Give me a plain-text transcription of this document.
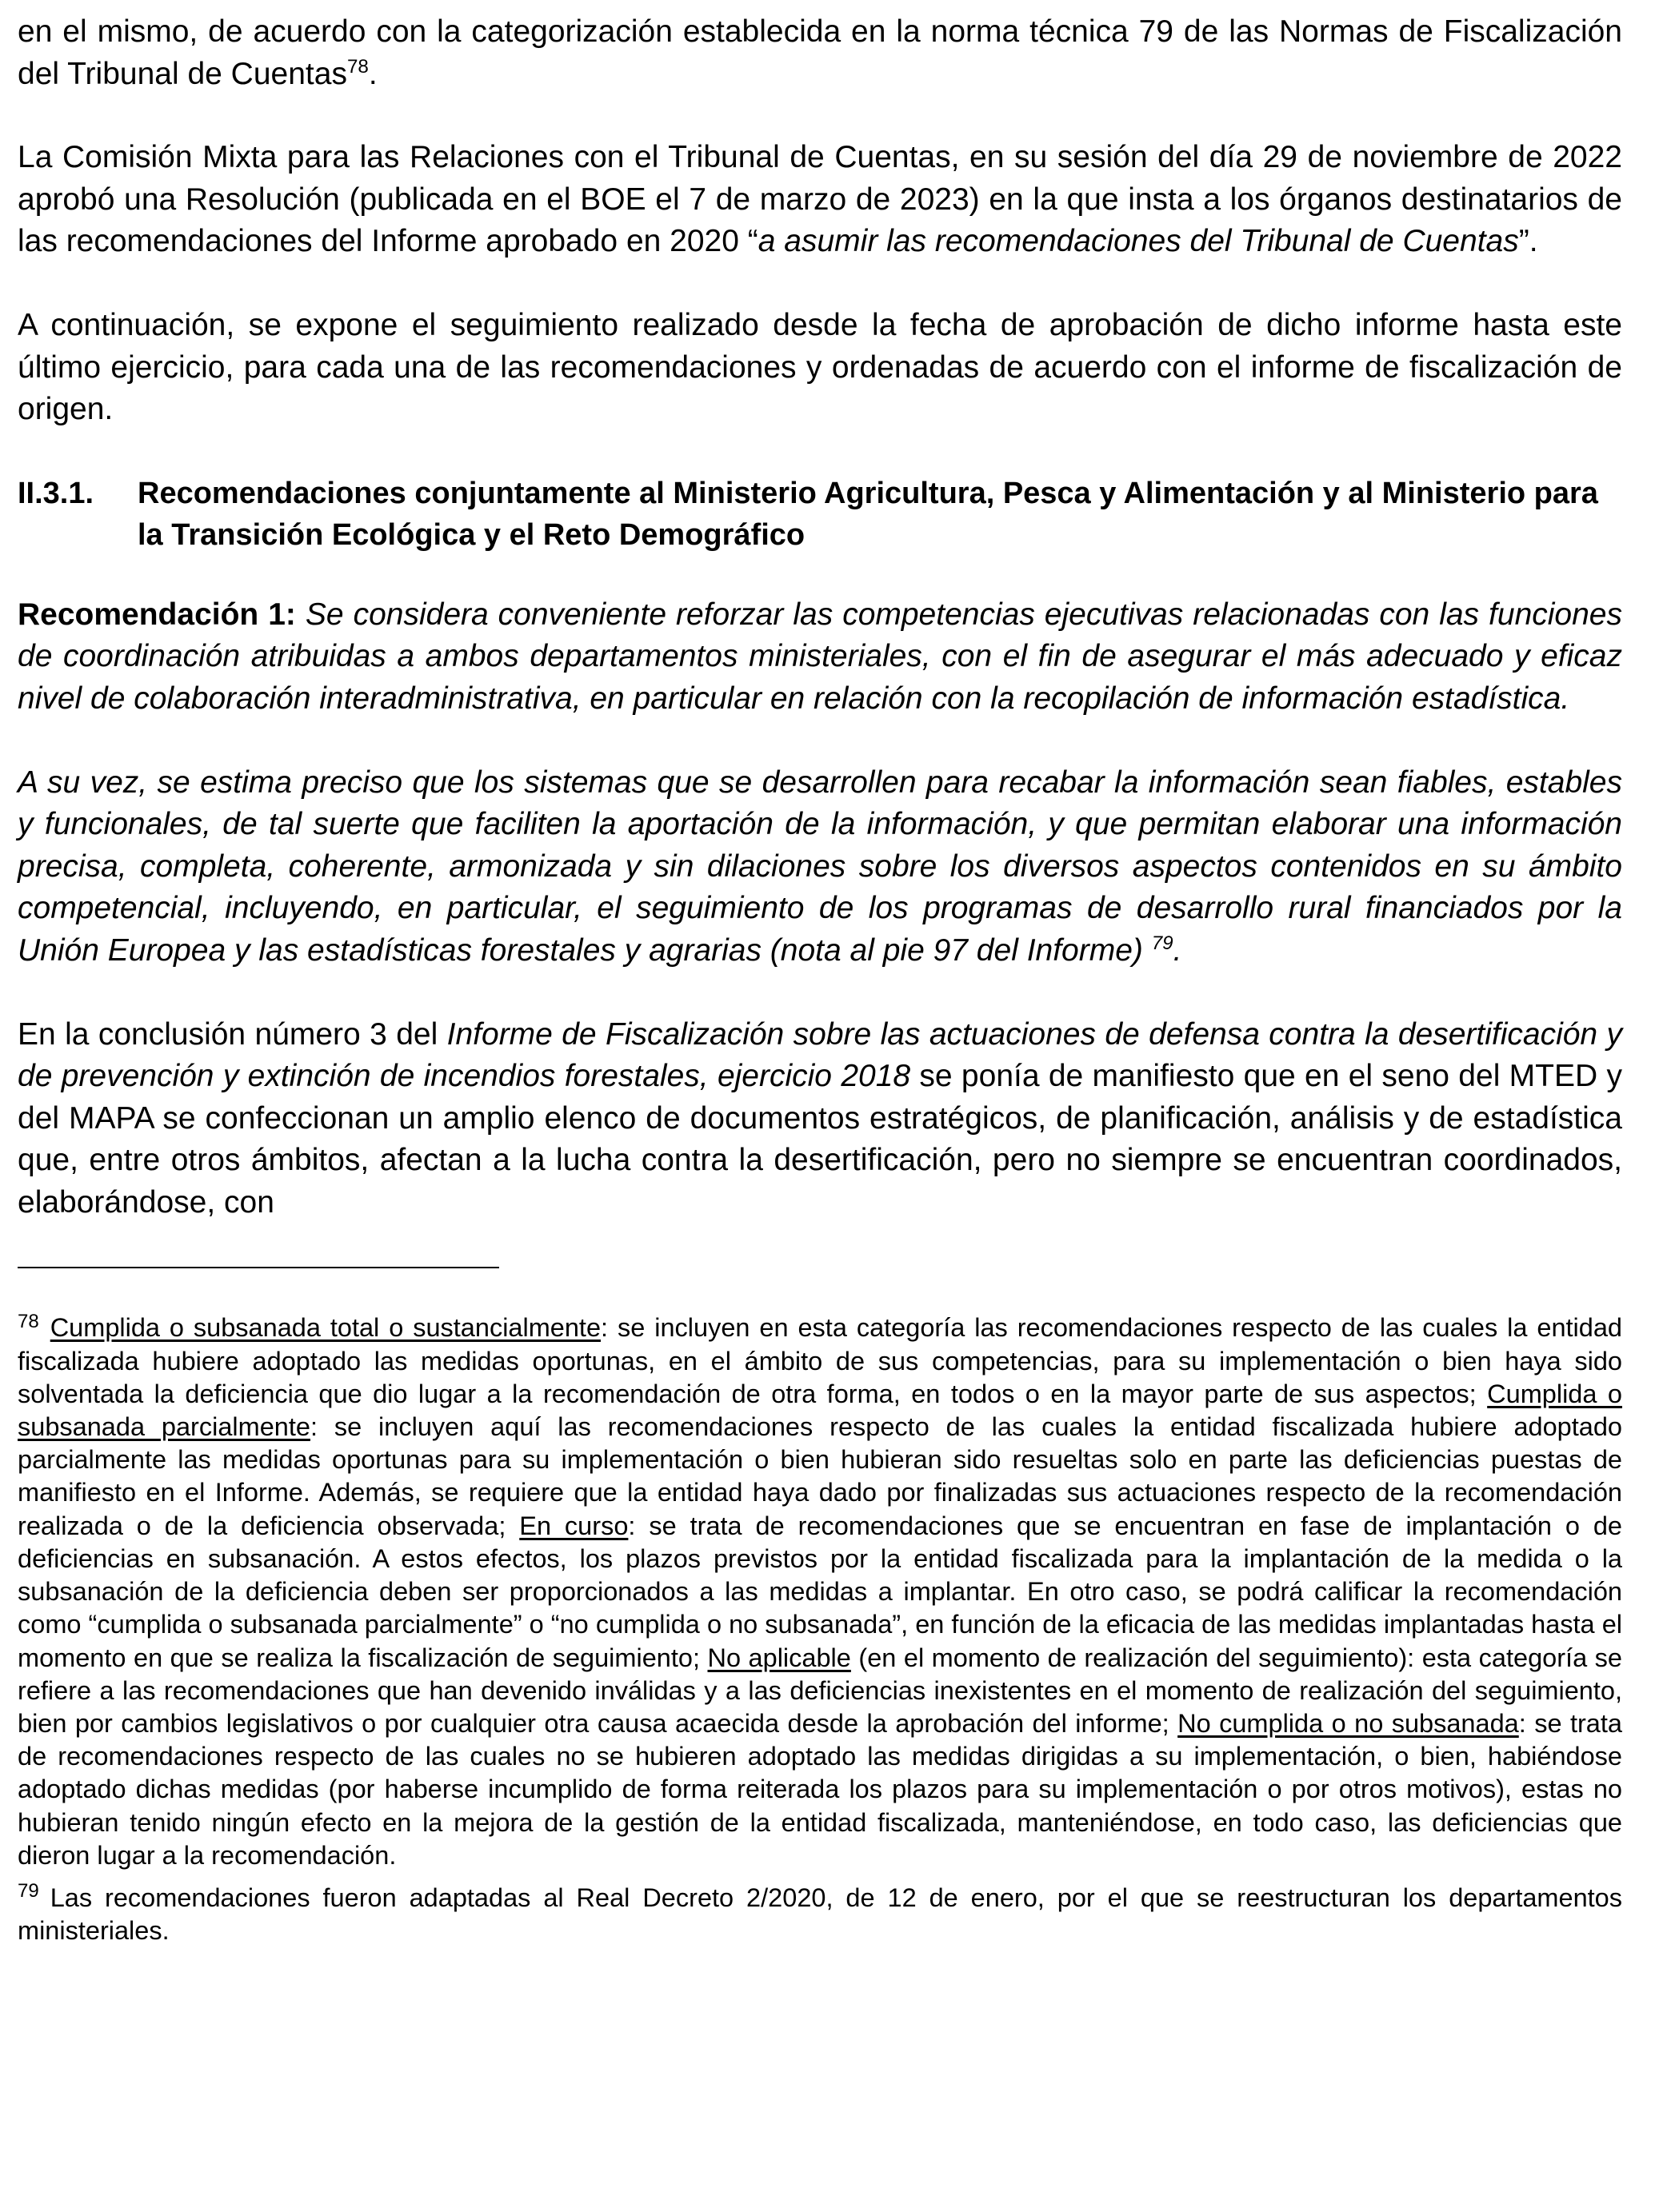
en el mismo, de acuerdo con la categorización establecida en la norma técnica 79 de las Normas de Fiscalización del Tribunal de Cuentas$^{78}$.

La Comisión Mixta para las Relaciones con el Tribunal de Cuentas, en su sesión del día 29 de noviembre de 2022 aprobó una Resolución (publicada en el BOE el 7 de marzo de 2023) en la que insta a los órganos destinatarios de las recomendaciones del Informe aprobado en 2020 “a asumir las recomendaciones del Tribunal de Cuentas”.

A continuación, se expone el seguimiento realizado desde la fecha de aprobación de dicho informe hasta este último ejercicio, para cada una de las recomendaciones y ordenadas de acuerdo con el informe de fiscalización de origen.

II.3.1.	Recomendaciones conjuntamente al Ministerio Agricultura, Pesca y Alimentación y al Ministerio para la Transición Ecológica y el Reto Demográfico

Recomendación 1: Se considera conveniente reforzar las competencias ejecutivas relacionadas con las funciones de coordinación atribuidas a ambos departamentos ministeriales, con el fin de asegurar el más adecuado y eficaz nivel de colaboración interadministrativa, en particular en relación con la recopilación de información estadística.

A su vez, se estima preciso que los sistemas que se desarrollen para recabar la información sean fiables, estables y funcionales, de tal suerte que faciliten la aportación de la información, y que permitan elaborar una información precisa, completa, coherente, armonizada y sin dilaciones sobre los diversos aspectos contenidos en su ámbito competencial, incluyendo, en particular, el seguimiento de los programas de desarrollo rural financiados por la Unión Europea y las estadísticas forestales y agrarias (nota al pie 97 del Informe) $^{79}$.

En la conclusión número 3 del Informe de Fiscalización sobre las actuaciones de defensa contra la desertificación y de prevención y extinción de incendios forestales, ejercicio 2018 se ponía de manifiesto que en el seno del MTED y del MAPA se confeccionan un amplio elenco de documentos estratégicos, de planificación, análisis y de estadística que, entre otros ámbitos, afectan a la lucha contra la desertificación, pero no siempre se encuentran coordinados, elaborándose, con

$^{78}$ Cumplida o subsanada total o sustancialmente: se incluyen en esta categoría las recomendaciones respecto de las cuales la entidad fiscalizada hubiere adoptado las medidas oportunas, en el ámbito de sus competencias, para su implementación o bien haya sido solventada la deficiencia que dio lugar a la recomendación de otra forma, en todos o en la mayor parte de sus aspectos; Cumplida o subsanada parcialmente: se incluyen aquí las recomendaciones respecto de las cuales la entidad fiscalizada hubiere adoptado parcialmente las medidas oportunas para su implementación o bien hubieran sido resueltas solo en parte las deficiencias puestas de manifiesto en el Informe. Además, se requiere que la entidad haya dado por finalizadas sus actuaciones respecto de la recomendación realizada o de la deficiencia observada; En curso: se trata de recomendaciones que se encuentran en fase de implantación o de deficiencias en subsanación. A estos efectos, los plazos previstos por la entidad fiscalizada para la implantación de la medida o la subsanación de la deficiencia deben ser proporcionados a las medidas a implantar. En otro caso, se podrá calificar la recomendación como “cumplida o subsanada parcialmente” o “no cumplida o no subsanada”, en función de la eficacia de las medidas implantadas hasta el momento en que se realiza la fiscalización de seguimiento; No aplicable (en el momento de realización del seguimiento): esta categoría se refiere a las recomendaciones que han devenido inválidas y a las deficiencias inexistentes en el momento de realización del seguimiento, bien por cambios legislativos o por cualquier otra causa acaecida desde la aprobación del informe; No cumplida o no subsanada: se trata de recomendaciones respecto de las cuales no se hubieren adoptado las medidas dirigidas a su implementación, o bien, habiéndose adoptado dichas medidas (por haberse incumplido de forma reiterada los plazos para su implementación o por otros motivos), estas no hubieran tenido ningún efecto en la mejora de la gestión de la entidad fiscalizada, manteniéndose, en todo caso, las deficiencias que dieron lugar a la recomendación.

$^{79}$ Las recomendaciones fueron adaptadas al Real Decreto 2/2020, de 12 de enero, por el que se reestructuran los departamentos ministeriales.
